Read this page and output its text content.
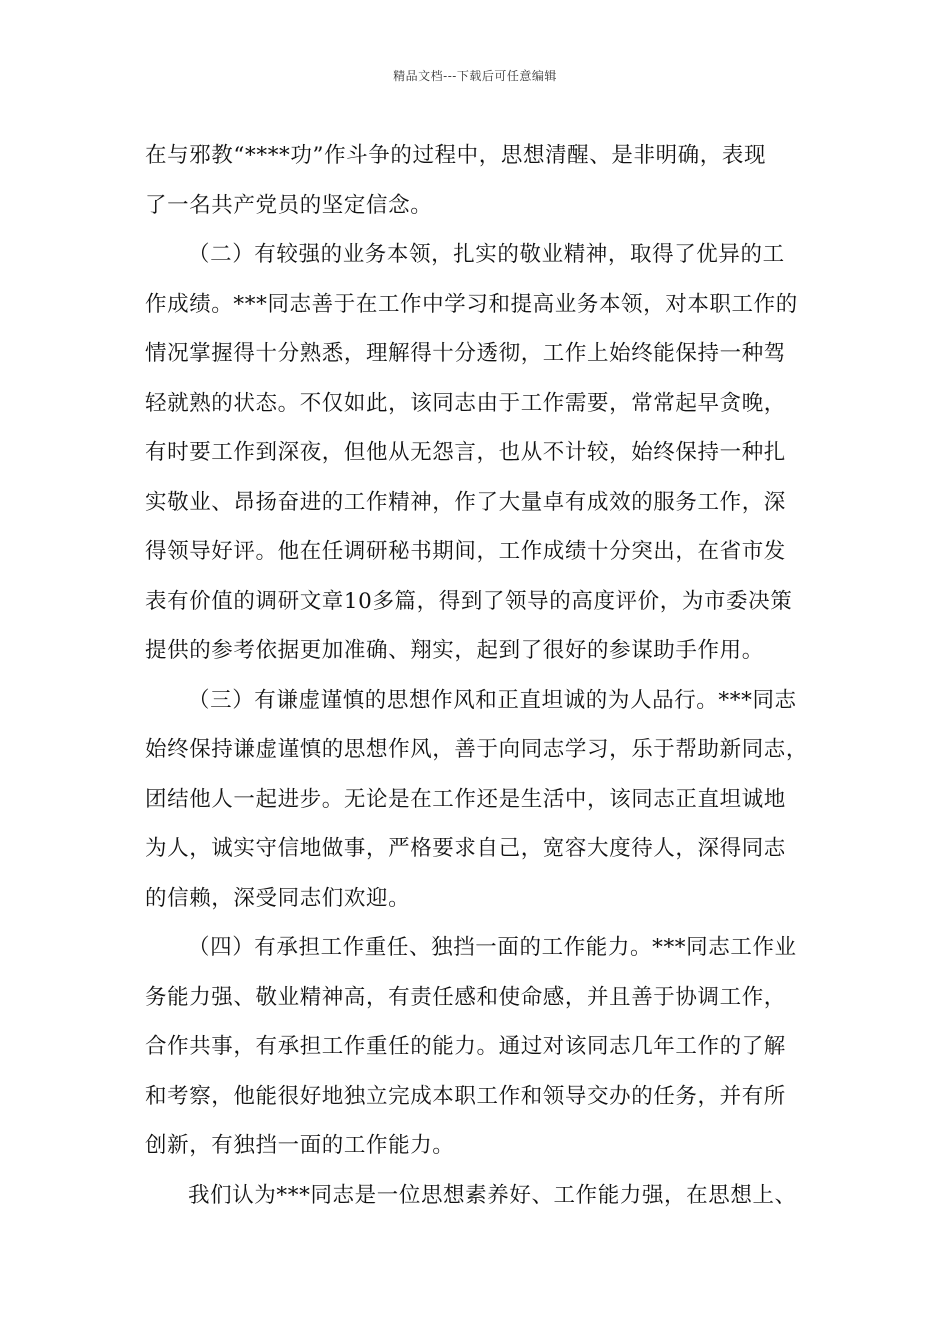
精品文档---下载后可任意编辑
在与邪教“****功”作斗争的过程中，思想清醒、是非明确，表现
了一名共产党员的坚定信念。
（二）有较强的业务本领，扎实的敬业精神，取得了优异的工
作成绩。***同志善于在工作中学习和提高业务本领，对本职工作的
情况掌握得十分熟悉，理解得十分透彻，工作上始终能保持一种驾
轻就熟的状态。不仅如此，该同志由于工作需要，常常起早贪晚，
有时要工作到深夜，但他从无怨言，也从不计较，始终保持一种扎
实敬业、昂扬奋进的工作精神，作了大量卓有成效的服务工作，深
得领导好评。他在任调研秘书期间，工作成绩十分突出，在省市发
表有价值的调研文章10多篇，得到了领导的高度评价，为市委决策
提供的参考依据更加准确、翔实，起到了很好的参谋助手作用。
（三）有谦虚谨慎的思想作风和正直坦诚的为人品行。***同志
始终保持谦虚谨慎的思想作风，善于向同志学习，乐于帮助新同志，
团结他人一起进步。无论是在工作还是生活中，该同志正直坦诚地
为人，诚实守信地做事，严格要求自己，宽容大度待人，深得同志
的信赖，深受同志们欢迎。
（四）有承担工作重任、独挡一面的工作能力。***同志工作业
务能力强、敬业精神高，有责任感和使命感，并且善于协调工作，
合作共事，有承担工作重任的能力。通过对该同志几年工作的了解
和考察，他能很好地独立完成本职工作和领导交办的任务，并有所
创新，有独挡一面的工作能力。
我们认为***同志是一位思想素养好、工作能力强，在思想上、
